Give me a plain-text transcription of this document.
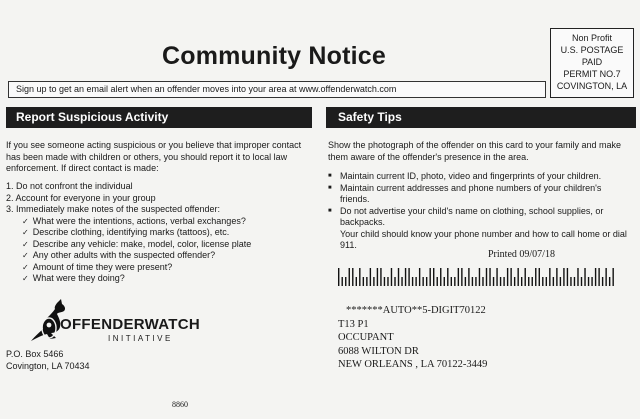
Community Notice
Non Profit
U.S. POSTAGE
PAID
PERMIT NO.7
COVINGTON, LA
Sign up to get an email alert when an offender moves into your area at www.offenderwatch.com
Report Suspicious Activity	Safety Tips
If you see someone acting suspicious or you believe that improper contact has been made with children or others, you should report it to local law enforcement. If direct contact is made:
1. Do not confront the individual
2. Account for everyone in your group
3. Immediately make notes of the suspected offender:
✓ What were the intentions, actions, verbal exchanges?
✓ Describe clothing, identifying marks (tattoos), etc.
✓ Describe any vehicle: make, model, color, license plate
✓ Any other adults with the suspected offender?
✓ Amount of time they were present?
✓ What were they doing?
Show the photograph of the offender on this card to your family and make them aware of the offender's presence in the area.
■ Maintain current ID, photo, video and fingerprints of your children.
■ Maintain current addresses and phone numbers of your children's friends.
■ Do not advertise your child's name on clothing, school supplies, or backpacks.
Your child should know your phone number and how to call home or dial 911.
Printed 09/07/18
*******AUTO**5-DIGIT70122
T13 P1
OCCUPANT
6088 WILTON DR
NEW ORLEANS , LA 70122-3449
OFFENDERWATCH
INITIATIVE
P.O. Box 5466
Covington, LA 70434
8860
